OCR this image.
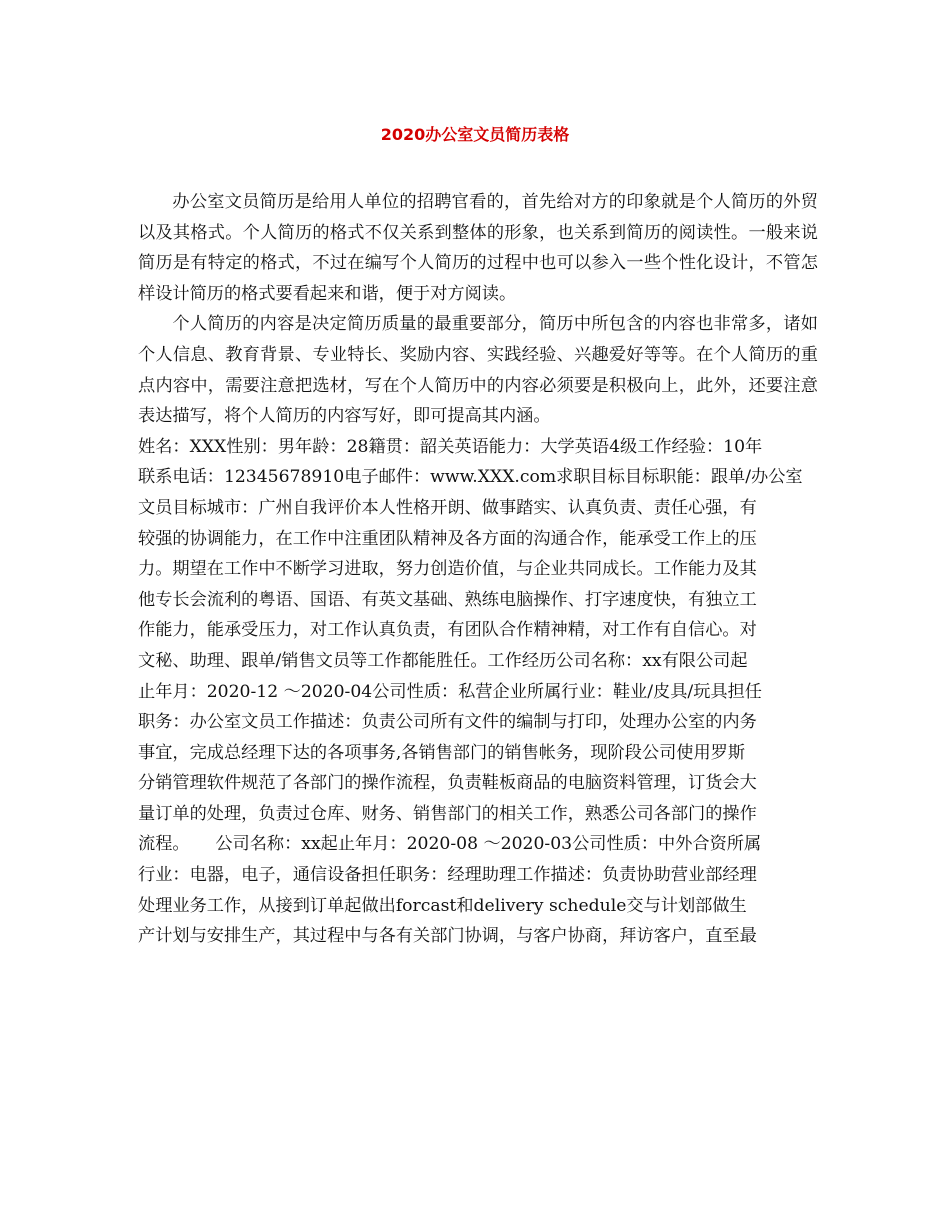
2020办公室文员简历表格

办公室文员简历是给用人单位的招聘官看的，首先给对方的印象就是个人简历的外贸以及其格式。个人简历的格式不仅关系到整体的形象，也关系到简历的阅读性。一般来说简历是有特定的格式，不过在编写个人简历的过程中也可以参入一些个性化设计，不管怎样设计简历的格式要看起来和谐，便于对方阅读。

个人简历的内容是决定简历质量的最重要部分，简历中所包含的内容也非常多，诸如个人信息、教育背景、专业特长、奖励内容、实践经验、兴趣爱好等等。在个人简历的重点内容中，需要注意把选材，写在个人简历中的内容必须要是积极向上，此外，还要注意表达描写，将个人简历的内容写好，即可提高其内涵。

姓名：XXX性别：男年龄：28籍贯：韶关英语能力：大学英语4级工作经验：10年
联系电话：12345678910电子邮件：www.XXX.com求职目标目标职能：跟单/办公室
文员目标城市：广州自我评价本人性格开朗、做事踏实、认真负责、责任心强，有
较强的协调能力，在工作中注重团队精神及各方面的沟通合作，能承受工作上的压
力。期望在工作中不断学习进取，努力创造价值，与企业共同成长。工作能力及其
他专长会流利的粤语、国语、有英文基础、熟练电脑操作、打字速度快，有独立工
作能力，能承受压力，对工作认真负责，有团队合作精神精，对工作有自信心。对
文秘、助理、跟单/销售文员等工作都能胜任。工作经历公司名称：xx有限公司起
止年月：2020-12 ～2020-04公司性质：私营企业所属行业：鞋业/皮具/玩具担任
职务：办公室文员工作描述：负责公司所有文件的编制与打印，处理办公室的内务
事宜，完成总经理下达的各项事务,各销售部门的销售帐务，现阶段公司使用罗斯
分销管理软件规范了各部门的操作流程，负责鞋板商品的电脑资料管理，订货会大
量订单的处理，负责过仓库、财务、销售部门的相关工作，熟悉公司各部门的操作
流程。　　公司名称：xx起止年月：2020-08 ～2020-03公司性质：中外合资所属
行业：电器，电子，通信设备担任职务：经理助理工作描述：负责协助营业部经理
处理业务工作，从接到订单起做出forcast和delivery schedule交与计划部做生
产计划与安排生产，其过程中与各有关部门协调，与客户协商，拜访客户，直至最
